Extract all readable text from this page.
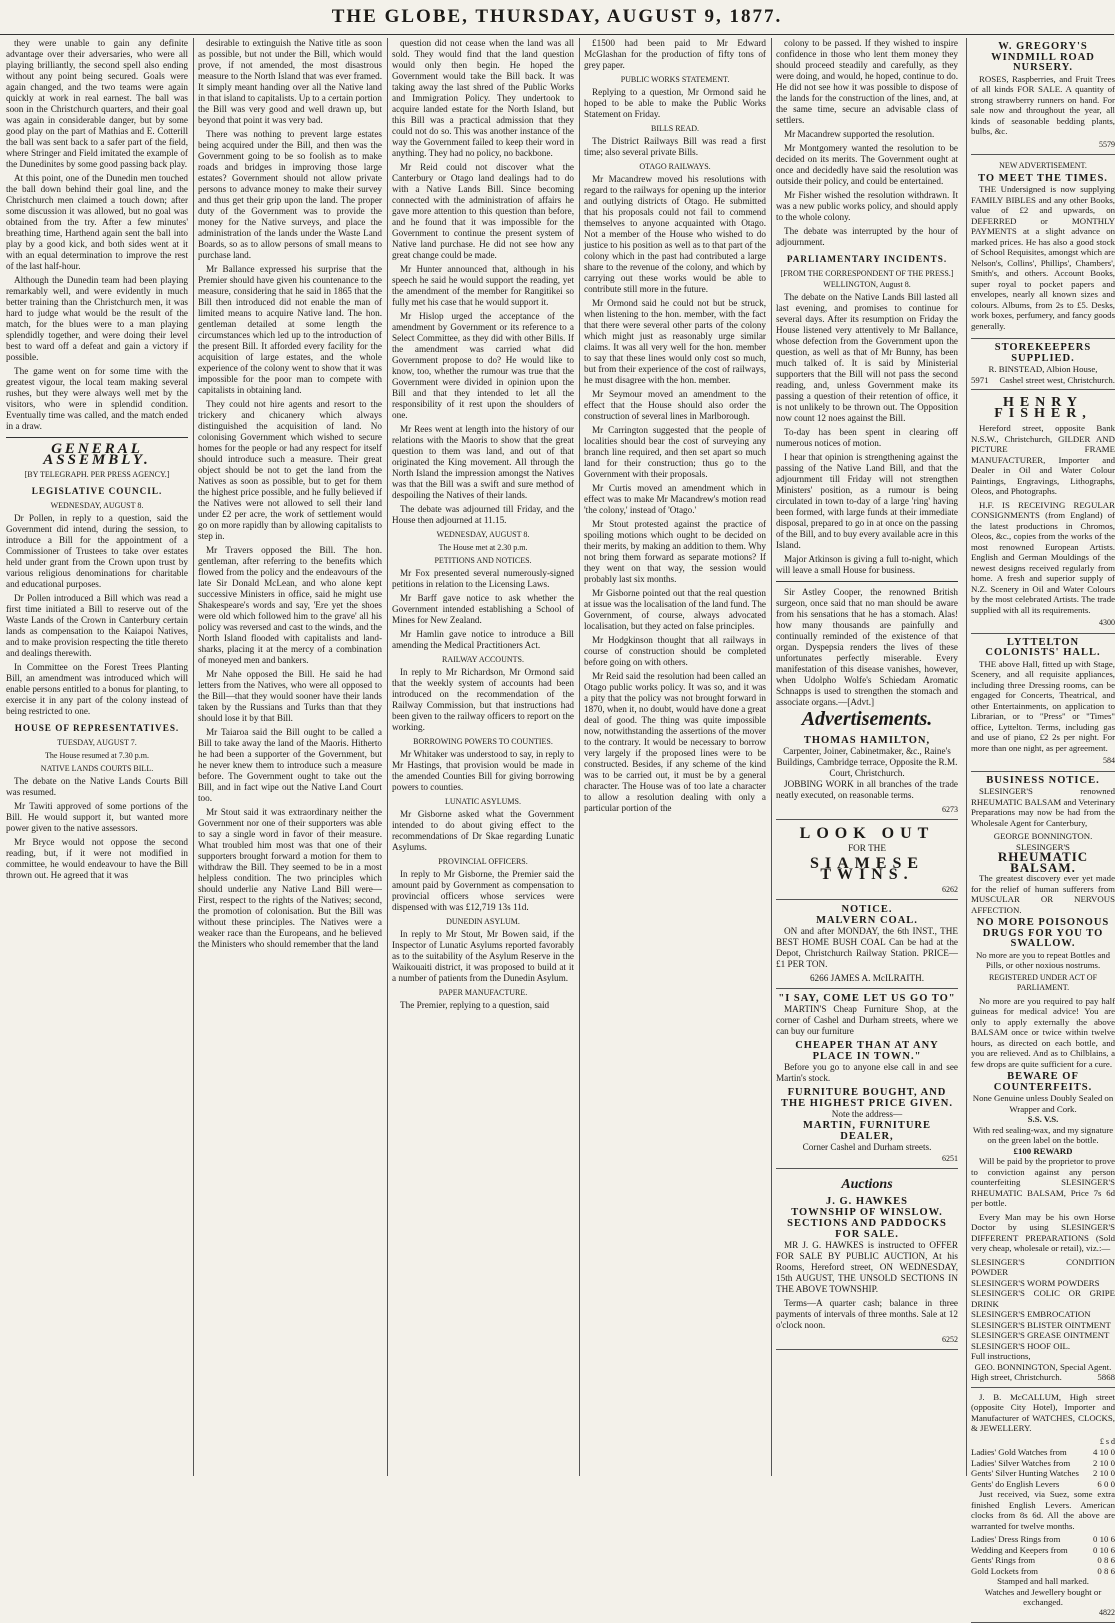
THE GLOBE, THURSDAY, AUGUST 9, 1877.

they were unable to gain any definite advantage over their adversaries, who were all playing brilliantly, the second spell also ending without any point being secured. Goals were again changed, and the two teams were again quickly at work in real earnest. The ball was soon in the Christchurch quarters, and their goal was again in considerable danger, but by some good play on the part of Mathias and E. Cotterill the ball was sent back to a safer part of the field, where Stringer and Field imitated the example of the Dunedinites by some good passing back play.

At this point, one of the Dunedin men touched the ball down behind their goal line, and the Christchurch men claimed a touch down; after some discussion it was allowed, but no goal was obtained from the try. After a few minutes' breathing time, Harthend again sent the ball into play by a good kick, and both sides went at it with an equal determination to improve the rest of the last half-hour.

Although the Dunedin team had been playing remarkably well, and were evidently in much better training than the Christchurch men, it was hard to judge what would be the result of the match, for the blues were to a man playing splendidly together, and were doing their level best to ward off a defeat and gain a victory if possible.

The game went on for some time with the greatest vigour, the local team making several rushes, but they were always well met by the visitors, who were in splendid condition. Eventually time was called, and the match ended in a draw.

GENERAL ASSEMBLY.
[BY TELEGRAPH. PER PRESS AGENCY.]
LEGISLATIVE COUNCIL.
WEDNESDAY, AUGUST 8.

Dr Pollen, in reply to a question, said the Government did intend, during the session, to introduce a Bill for the appointment of a Commissioner of Trustees to take over estates held under grant from the Crown upon trust by various religious denominations for charitable and educational purposes.

Dr Pollen introduced a Bill which was read a first time initiated a Bill to reserve out of the Waste Lands of the Crown in Canterbury certain lands as compensation to the Kaiapoi Natives, and to make provision respecting the title thereto and dealings therewith.

In Committee on the Forest Trees Planting Bill, an amendment was introduced which will enable persons entitled to a bonus for planting, to exercise it in any part of the colony instead of being restricted to one.

HOUSE OF REPRESENTATIVES.
TUESDAY, AUGUST 7.
The House resumed at 7.30 p.m.
NATIVE LANDS COURTS BILL.

The debate on the Native Lands Courts Bill was resumed.

Mr Tawiti approved of some portions of the Bill. He would support it, but wanted more power given to the native assessors.

Mr Bryce would not oppose the second reading, but, if it were not modified in committee, he would endeavour to have the Bill thrown out. He agreed that it was

desirable to extinguish the Native title as soon as possible, but not under the Bill, which would prove, if not amended, the most disastrous measure to the North Island that was ever framed. It simply meant handing over all the Native land in that island to capitalists. Up to a certain portion the Bill was very good and well drawn up, but beyond that point it was very bad.

There was nothing to prevent large estates being acquired under the Bill, and then was the Government going to be so foolish as to make roads and bridges in improving those large estates? Government should not allow private persons to advance money to make their survey and thus get their grip upon the land. The proper duty of the Government was to provide the money for the Native surveys, and place the administration of the lands under the Waste Land Boards, so as to allow persons of small means to purchase land.

Mr Ballance expressed his surprise that the Premier should have given his countenance to the measure, considering that he said in 1865 that the Bill then introduced did not enable the man of limited means to acquire Native land. The hon. gentleman detailed at some length the circumstances which led up to the introduction of the present Bill. It afforded every facility for the acquisition of large estates, and the whole experience of the colony went to show that it was impossible for the poor man to compete with capitalists in obtaining land.

They could not hire agents and resort to the trickery and chicanery which always distinguished the acquisition of land. No colonising Government which wished to secure homes for the people or had any respect for itself should introduce such a measure. Their great object should be not to get the land from the Natives as soon as possible, but to get for them the highest price possible, and he fully believed if the Natives were not allowed to sell their land under £2 per acre, the work of settlement would go on more rapidly than by allowing capitalists to step in.

Mr Travers opposed the Bill. The hon. gentleman, after referring to the benefits which flowed from the policy and the endeavours of the late Sir Donald McLean, and who alone kept successive Ministers in office, said he might use Shakespeare's words and say, 'Ere yet the shoes were old which followed him to the grave' all his policy was reversed and cast to the winds, and the North Island flooded with capitalists and land-sharks, placing it at the mercy of a combination of moneyed men and bankers.

Mr Nahe opposed the Bill. He said he had letters from the Natives, who were all opposed to the Bill—that they would sooner have their lands taken by the Russians and Turks than that they should lose it by that Bill.

Mr Taiaroa said the Bill ought to be called a Bill to take away the land of the Maoris. Hitherto he had been a supporter of the Government, but he never knew them to introduce such a measure before. The Government ought to take out the Bill, and in fact wipe out the Native Land Court too.

Mr Stout said it was extraordinary neither the Government nor one of their supporters was able to say a single word in favor of their measure. What troubled him most was that one of their supporters brought forward a motion for them to withdraw the Bill. They seemed to be in a most helpless condition. The two principles which should underlie any Native Land Bill were— First, respect to the rights of the Natives; second, the promotion of colonisation. But the Bill was without these principles. The Natives were a weaker race than the Europeans, and he believed the Ministers who should remember that the land

question did not cease when the land was all sold. They would find that the land question would only then begin. He hoped the Government would take the Bill back. It was taking away the last shred of the Public Works and Immigration Policy. They undertook to acquire landed estate for the North Island, but this Bill was a practical admission that they could not do so. This was another instance of the way the Government failed to keep their word in anything. They had no policy, no backbone.

Mr Reid could not discover what the Canterbury or Otago land dealings had to do with a Native Lands Bill. Since becoming connected with the administration of affairs he gave more attention to this question than before, and he found that it was impossible for the Government to continue the present system of Native land purchase. He did not see how any great change could be made.

Mr Hunter announced that, although in his speech he said he would support the reading, yet the amendment of the member for Rangitikei so fully met his case that he would support it.

Mr Hislop urged the acceptance of the amendment by Government or its reference to a Select Committee, as they did with other Bills. If the amendment was carried what did Government propose to do? He would like to know, too, whether the rumour was true that the Government were divided in opinion upon the Bill and that they intended to let all the responsibility of it rest upon the shoulders of one.

Mr Rees went at length into the history of our relations with the Maoris to show that the great question to them was land, and out of that originated the King movement. All through the North Island the impression amongst the Natives was that the Bill was a swift and sure method of despoiling the Natives of their lands.

The debate was adjourned till Friday, and the House then adjourned at 11.15.

WEDNESDAY, AUGUST 8.
The House met at 2.30 p.m.
PETITIONS AND NOTICES.

Mr Fox presented several numerously-signed petitions in relation to the Licensing Laws.

Mr Barff gave notice to ask whether the Government intended establishing a School of Mines for New Zealand.

Mr Hamlin gave notice to introduce a Bill amending the Medical Practitioners Act.

RAILWAY ACCOUNTS.

In reply to Mr Richardson, Mr Ormond said that the weekly system of accounts had been introduced on the recommendation of the Railway Commission, but that instructions had been given to the railway officers to report on the working.

BORROWING POWERS TO COUNTIES.

Mr Whitaker was understood to say, in reply to Mr Hastings, that provision would be made in the amended Counties Bill for giving borrowing powers to counties.

LUNATIC ASYLUMS.

Mr Gisborne asked what the Government intended to do about giving effect to the recommendations of Dr Skae regarding Lunatic Asylums.

PROVINCIAL OFFICERS.

In reply to Mr Gisborne, the Premier said the amount paid by Government as compensation to provincial officers whose services were dispensed with was £12,719 13s 11d.

DUNEDIN ASYLUM.

In reply to Mr Stout, Mr Bowen said, if the Inspector of Lunatic Asylums reported favorably as to the suitability of the Asylum Reserve in the Waikouaiti district, it was proposed to build at it a number of patients from the Dunedin Asylum.

PAPER MANUFACTURE.

The Premier, replying to a question, said

£1500 had been paid to Mr Edward McGlashan for the production of fifty tons of grey paper.

PUBLIC WORKS STATEMENT.

Replying to a question, Mr Ormond said he hoped to be able to make the Public Works Statement on Friday.

BILLS READ.

The District Railways Bill was read a first time; also several private Bills.

OTAGO RAILWAYS.

Mr Macandrew moved his resolutions with regard to the railways for opening up the interior and outlying districts of Otago. He submitted that his proposals could not fail to commend themselves to anyone acquainted with Otago. Not a member of the House who wished to do justice to his position as well as to that part of the colony which in the past had contributed a large share to the revenue of the colony, and which by carrying out these works would be able to contribute still more in the future.

Mr Ormond said he could not but be struck, when listening to the hon. member, with the fact that there were several other parts of the colony which might just as reasonably urge similar claims. It was all very well for the hon. member to say that these lines would only cost so much, but from their experience of the cost of railways, he must disagree with the hon. member.

Mr Seymour moved an amendment to the effect that the House should also order the construction of several lines in Marlborough.

Mr Carrington suggested that the people of localities should bear the cost of surveying any branch line required, and then set apart so much land for their construction; thus go to the Government with their proposals.

Mr Curtis moved an amendment which in effect was to make Mr Macandrew's motion read 'the colony,' instead of 'Otago.'

Mr Stout protested against the practice of spoiling motions which ought to be decided on their merits, by making an addition to them. Why not bring them forward as separate motions? If they went on that way, the session would probably last six months.

Mr Gisborne pointed out that the real question at issue was the localisation of the land fund. The Government, of course, always advocated localisation, but they acted on false principles.

Mr Hodgkinson thought that all railways in course of construction should be completed before going on with others.

Mr Reid said the resolution had been called an Otago public works policy. It was so, and it was a pity that the policy was not brought forward in 1870, when it, no doubt, would have done a great deal of good. The thing was quite impossible now, notwithstanding the assertions of the mover to the contrary. It would be necessary to borrow very largely if the proposed lines were to be constructed. Besides, if any scheme of the kind was to be carried out, it must be by a general character. The House was of too late a character to allow a resolution dealing with only a particular portion of the

colony to be passed. If they wished to inspire confidence in those who lent them money they should proceed steadily and carefully, as they were doing, and would, he hoped, continue to do. He did not see how it was possible to dispose of the lands for the construction of the lines, and, at the same time, secure an advisable class of settlers.

Mr Macandrew supported the resolution.

Mr Montgomery wanted the resolution to be decided on its merits. The Government ought at once and decidedly have said the resolution was outside their policy, and could be entertained.

Mr Fisher wished the resolution withdrawn. It was a new public works policy, and should apply to the whole colony.

The debate was interrupted by the hour of adjournment.

PARLIAMENTARY INCIDENTS.
[FROM THE CORRESPONDENT OF THE PRESS.] WELLINGTON, August 8.

The debate on the Native Lands Bill lasted all last evening, and promises to continue for several days. After its resumption on Friday the House listened very attentively to Mr Ballance, whose defection from the Government upon the question, as well as that of Mr Bunny, has been much talked of. It is said by Ministerial supporters that the Bill will not pass the second reading, and, unless Government make its passing a question of their retention of office, it is not unlikely to be thrown out. The Opposition now count 12 noes against the Bill.

To-day has been spent in clearing off numerous notices of motion.

I hear that opinion is strengthening against the passing of the Native Land Bill, and that the adjournment till Friday will not strengthen Ministers' position, as a rumour is being circulated in town to-day of a large 'ring' having been formed, with large funds at their immediate disposal, prepared to go in at once on the passing of the Bill, and to buy every available acre in this Island.

Major Atkinson is giving a full to-night, which will leave a small House for business.

Sir Astley Cooper, the renowned British surgeon, once said that no man should be aware from his sensations that he has a stomach. Alas! how many thousands are painfully and continually reminded of the existence of that organ. Dyspepsia renders the lives of these unfortunates perfectly miserable. Every manifestation of this disease vanishes, however, when Udolpho Wolfe's Schiedam Aromatic Schnapps is used to strengthen the stomach and associate organs.—[Advt.]

Advertisements.
THOMAS HAMILTON,
Carpenter, Joiner, Cabinetmaker, &c., Raine's Buildings, Cambridge terrace, Opposite the R.M. Court, Christchurch.

JOBBING WORK in all branches of the trade neatly executed, on reasonable terms.

6273
LOOK OUT
FOR THE
SIAMESE TWINS.
6262
NOTICE.
MALVERN COAL.

ON and after MONDAY, the 6th INST., THE BEST HOME BUSH COAL Can be had at the Depot, Christchurch Railway Station. PRICE—£1 PER TON.

6266 JAMES A. McILRAITH.
"I SAY, COME LET US GO TO"

MARTIN'S Cheap Furniture Shop, at the corner of Cashel and Durham streets, where we can buy our furniture

CHEAPER THAN AT ANY PLACE IN TOWN."

Before you go to anyone else call in and see Martin's stock.

FURNITURE BOUGHT, AND THE HIGHEST PRICE GIVEN.
Note the address—
MARTIN, FURNITURE DEALER,
Corner Cashel and Durham streets.
6251
Auctions
J. G. HAWKES
TOWNSHIP OF WINSLOW.
SECTIONS AND PADDOCKS FOR SALE.

MR J. G. HAWKES is instructed to OFFER FOR SALE BY PUBLIC AUCTION, At his Rooms, Hereford street, ON WEDNESDAY, 15th AUGUST, THE UNSOLD SECTIONS IN THE ABOVE TOWNSHIP.

Terms—A quarter cash; balance in three payments of intervals of three months. Sale at 12 o'clock noon.

6252
W. GREGORY'S WINDMILL ROAD NURSERY.

ROSES, Raspberries, and Fruit Trees of all kinds FOR SALE. A quantity of strong strawberry runners on hand. For sale now and throughout the year, all kinds of seasonable bedding plants, bulbs, &c.

5579
NEW ADVERTISEMENT.
TO MEET THE TIMES.

THE Undersigned is now supplying FAMILY BIBLES and any other Books, value of £2 and upwards, on DEFERRED or MONTHLY PAYMENTS at a slight advance on marked prices. He has also a good stock of School Requisites, amongst which are Nelson's, Collins', Phillips', Chambers', Smith's, and others. Account Books, super royal to pocket papers and envelopes, nearly all known sizes and colours. Albums, from 2s to £5. Desks, work boxes, perfumery, and fancy goods generally.

STOREKEEPERS SUPPLIED.
R. BINSTEAD, Albion House,
5971 Cashel street west, Christchurch.
HENRY FISHER,

Hereford street, opposite Bank N.S.W., Christchurch, GILDER AND PICTURE FRAME MANUFACTURER, Importer and Dealer in Oil and Water Colour Paintings, Engravings, Lithographs, Oleos, and Photographs.

H.F. IS RECEIVING REGULAR CONSIGNMENTS (from England) of the latest productions in Chromos, Oleos, &c., copies from the works of the most renowned European Artists. English and German Mouldings of the newest designs received regularly from home. A fresh and superior supply of N.Z. Scenery in Oil and Water Colours by the most celebrated Artists. The trade supplied with all its requirements.

4300
LYTTELTON COLONISTS' HALL.

THE above Hall, fitted up with Stage, Scenery, and all requisite appliances, including three Dressing rooms, can be engaged for Concerts, Theatrical, and other Entertainments, on application to Librarian, or to "Press" or "Times" office, Lyttelton. Terms, including gas and use of piano, £2 2s per night. For more than one night, as per agreement.

584
BUSINESS NOTICE.

SLESINGER'S renowned RHEUMATIC BALSAM and Veterinary Preparations may now be had from the Wholesale Agent for Canterbury,

GEORGE BONNINGTON.
SLESINGER'S
RHEUMATIC BALSAM.

The greatest discovery ever yet made for the relief of human sufferers from MUSCULAR OR NERVOUS AFFECTION.

NO MORE POISONOUS DRUGS FOR YOU TO SWALLOW.
No more are you to repeat Bottles and Pills, or other noxious nostrums.
REGISTERED UNDER ACT OF PARLIAMENT.

No more are you required to pay half guineas for medical advice! You are only to apply externally the above BALSAM once or twice within twelve hours, as directed on each bottle, and you are relieved. And as to Chilblains, a few drops are quite sufficient for a cure.

BEWARE OF COUNTERFEITS.
None Genuine unless Doubly Sealed on Wrapper and Cork.
S.S. V.S.
With red sealing-wax, and my signature on the green label on the bottle.
£100 REWARD

Will be paid by the proprietor to prove to conviction against any person counterfeiting SLESINGER'S RHEUMATIC BALSAM, Price 7s 6d per bottle.

Every Man may be his own Horse Doctor by using SLESINGER'S DIFFERENT PREPARATIONS (Sold very cheap, wholesale or retail), viz.:—

SLESINGER'S CONDITION POWDER
SLESINGER'S WORM POWDERS
SLESINGER'S COLIC OR GRIPE DRINK
SLESINGER'S EMBROCATION
SLESINGER'S BLISTER OINTMENT
SLESINGER'S GREASE OINTMENT
SLESINGER'S HOOF OIL.
Full instructions,
GEO. BONNINGTON, Special Agent.
High street, Christchurch.	5868

J. B. McCALLUM, High street (opposite City Hotel), Importer and Manufacturer of WATCHES, CLOCKS, & JEWELLERY.

£ s d
Ladies' Gold Watches from	4 10 0
Ladies' Silver Watches from	2 10 0
Gents' Silver Hunting Watches 2 10 0
Gents' do English Levers	6 0 0

Just received, via Suez, some extra finished English Levers. American clocks from 8s 6d. All the above are warranted for twelve months.

Ladies' Dress Rings from	0 10 6
Wedding and Keepers from	0 10 6
Gents' Rings from	0 8 6
Gold Lockets from	0 8 6
Stamped and hall marked.
Watches and Jewellery bought or exchanged.
4822
